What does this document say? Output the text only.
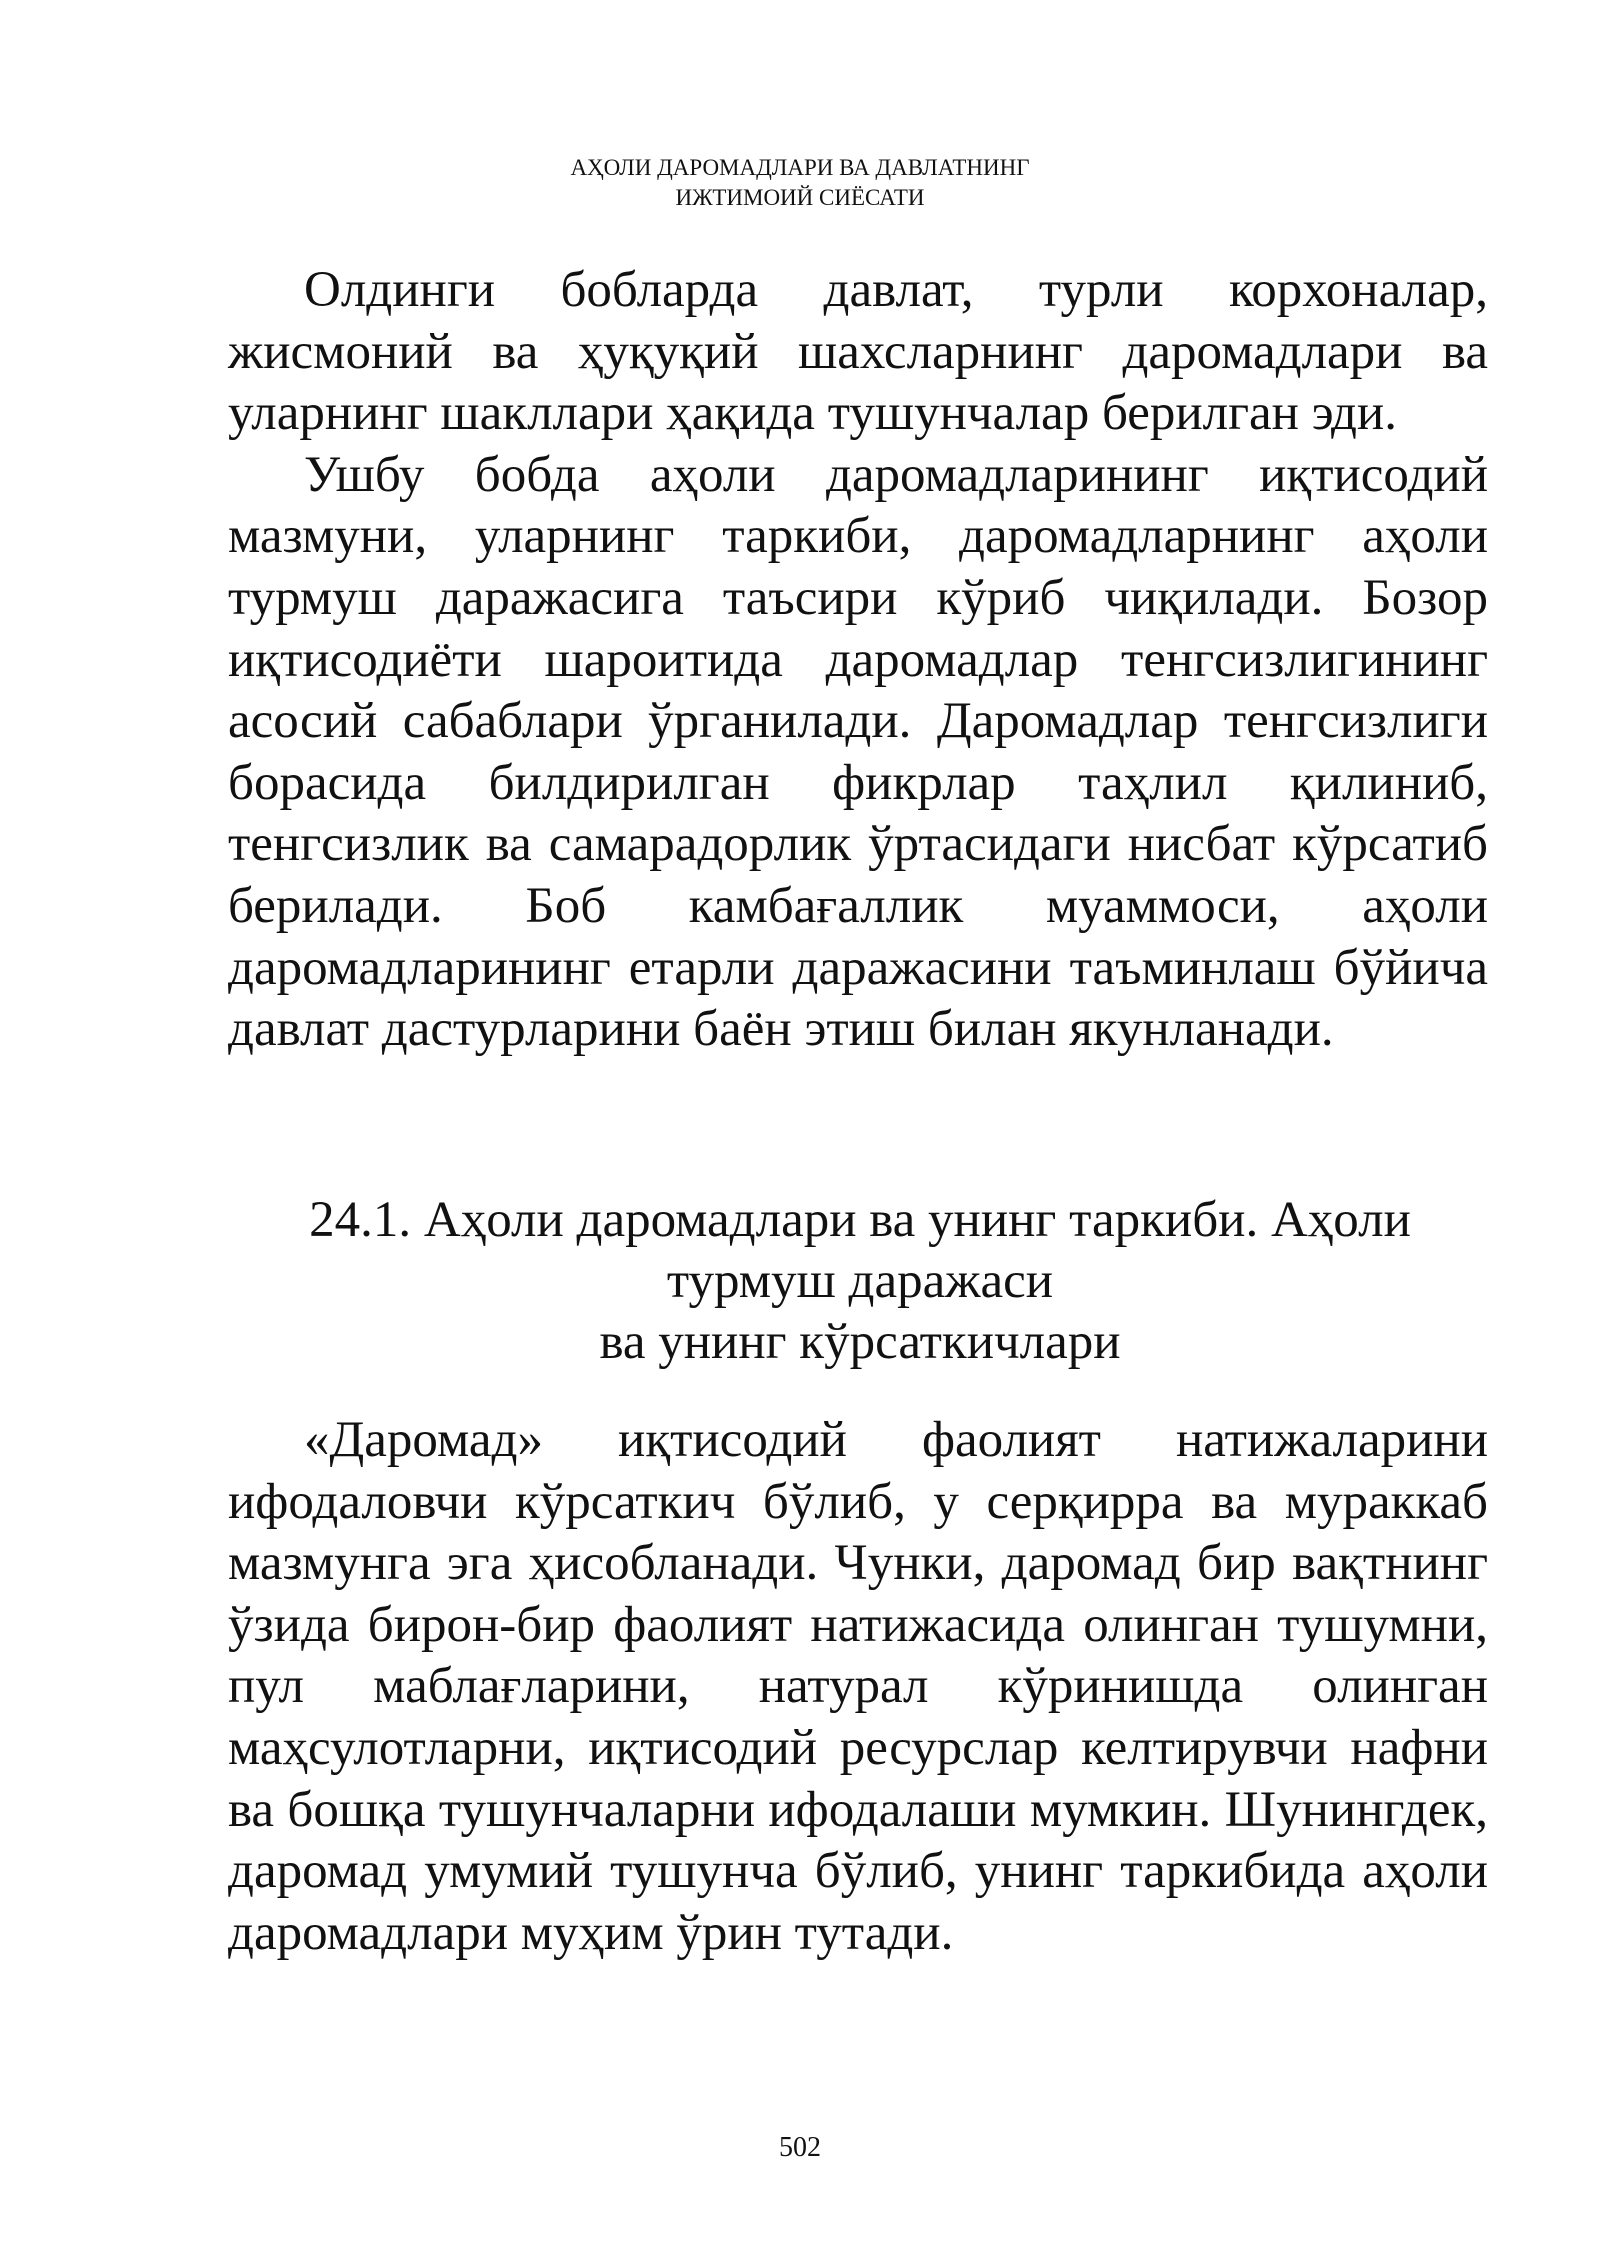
АҲОЛИ ДАРОМАДЛАРИ ВА ДАВЛАТНИНГ
ИЖТИМОИЙ СИЁСАТИ

Олдинги бобларда давлат, турли корхоналар, жисмоний ва ҳуқуқий шахсларнинг даромадлари ва уларнинг шакллари ҳақида тушунчалар берилган эди.

Ушбу бобда аҳоли даромадларининг иқтисодий мазмуни, уларнинг таркиби, даромадларнинг аҳоли турмуш даражасига таъсири кўриб чиқилади. Бозор иқтисодиёти шароитида даромадлар тенгсизлигининг асосий сабаблари ўрганилади. Даромадлар тенгсизлиги борасида билдирилган фикрлар таҳлил қилиниб, тенгсизлик ва самарадорлик ўртасидаги нисбат кўрсатиб берилади. Боб камбағаллик муаммоси, аҳоли даромадларининг етарли даражасини таъминлаш бўйича давлат дастурларини баён этиш билан якунланади.

24.1. Аҳоли даромадлари ва унинг таркиби. Аҳоли
турмуш даражаси
ва унинг кўрсаткичлари

«Даромад» иқтисодий фаолият натижаларини ифодаловчи кўрсаткич бўлиб, у серқирра ва мураккаб мазмунга эга ҳисобланади. Чунки, даромад бир вақтнинг ўзида бирон-бир фаолият натижасида олинган тушумни, пул маблағларини, натурал кўринишда олинган маҳсулотларни, иқтисодий ресурслар келтирувчи нафни ва бошқа тушунчаларни ифодалаши мумкин. Шунингдек, даромад умумий тушунча бўлиб, унинг таркибида аҳоли даромадлари муҳим ўрин тутади.

502
